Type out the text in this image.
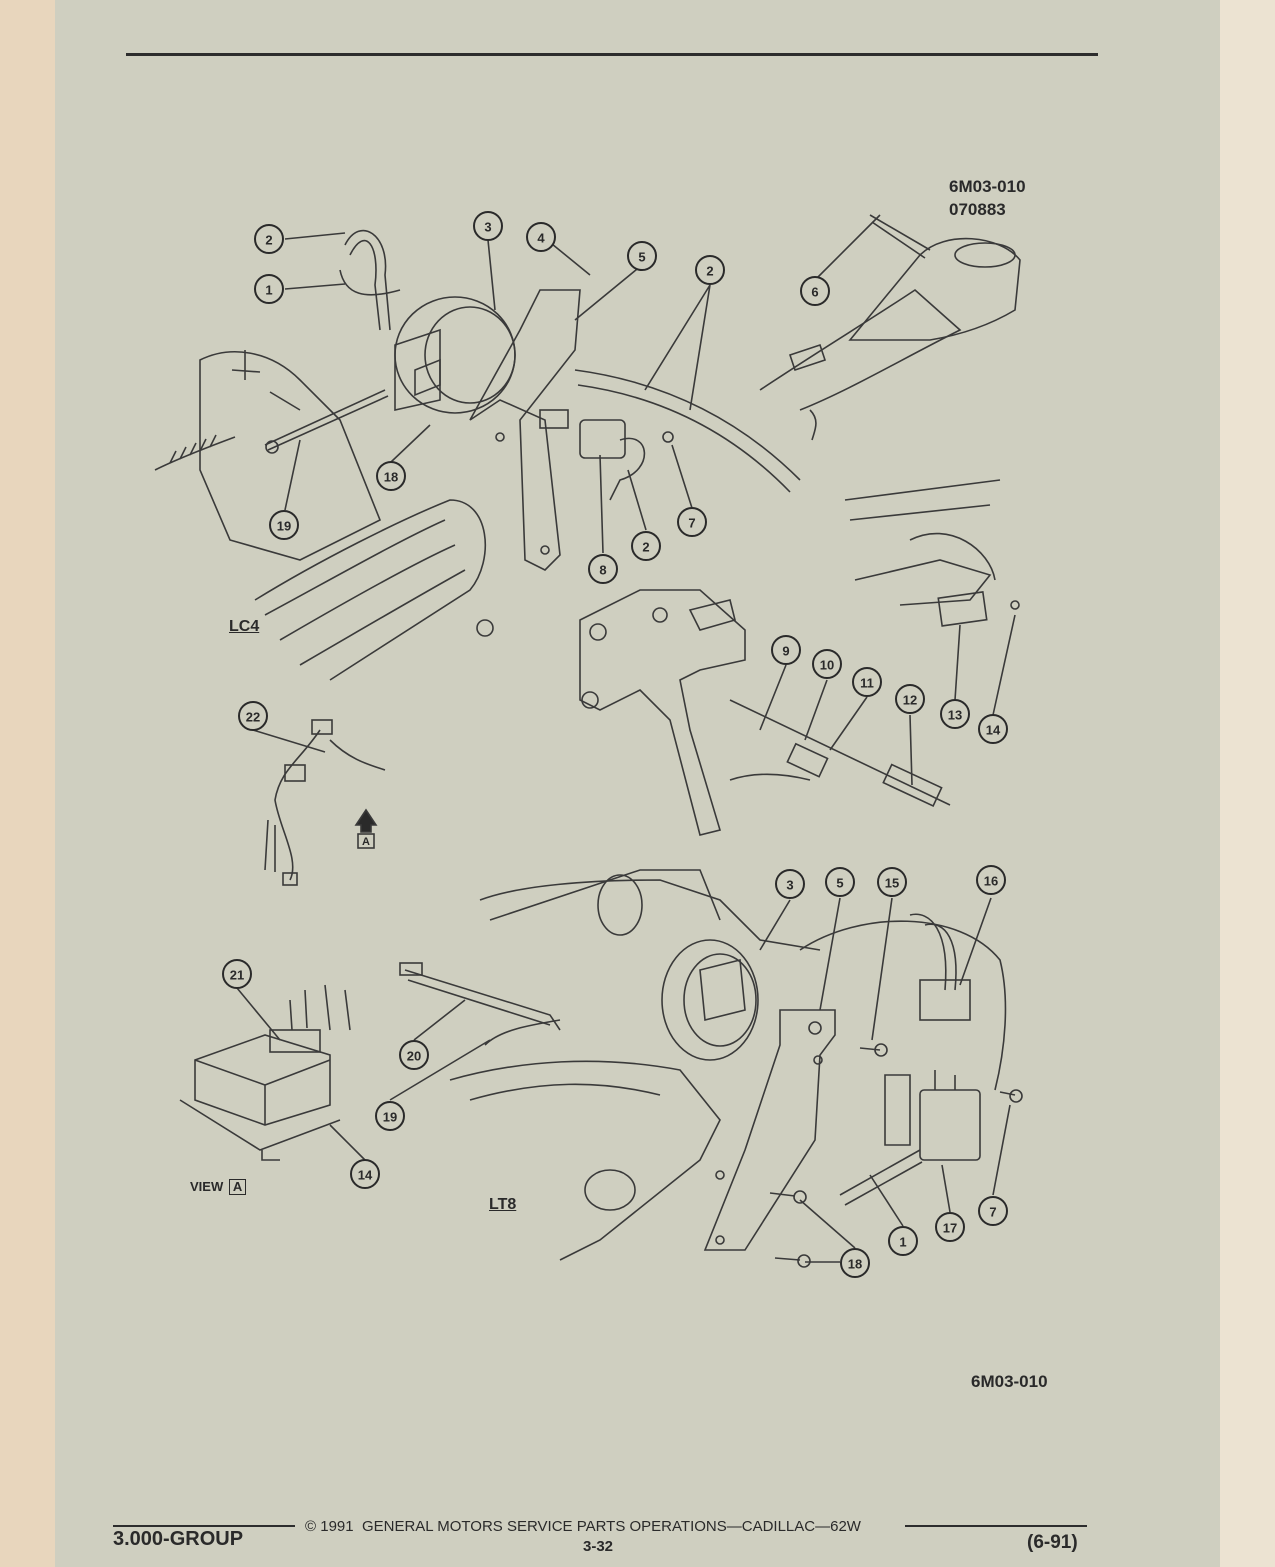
6M03-010
070883
2
1
3
4
5
2
6
19
18
2
7
8
13
14
9
10
11
12
22
21
20
19
14
3	5	15	16
7
17
1
18
A
LC4
LT8
VIEW A
6M03-010
3.000-GROUP
© 1991  GENERAL MOTORS SERVICE PARTS OPERATIONS—CADILLAC—62W
3-32	(6-91)
